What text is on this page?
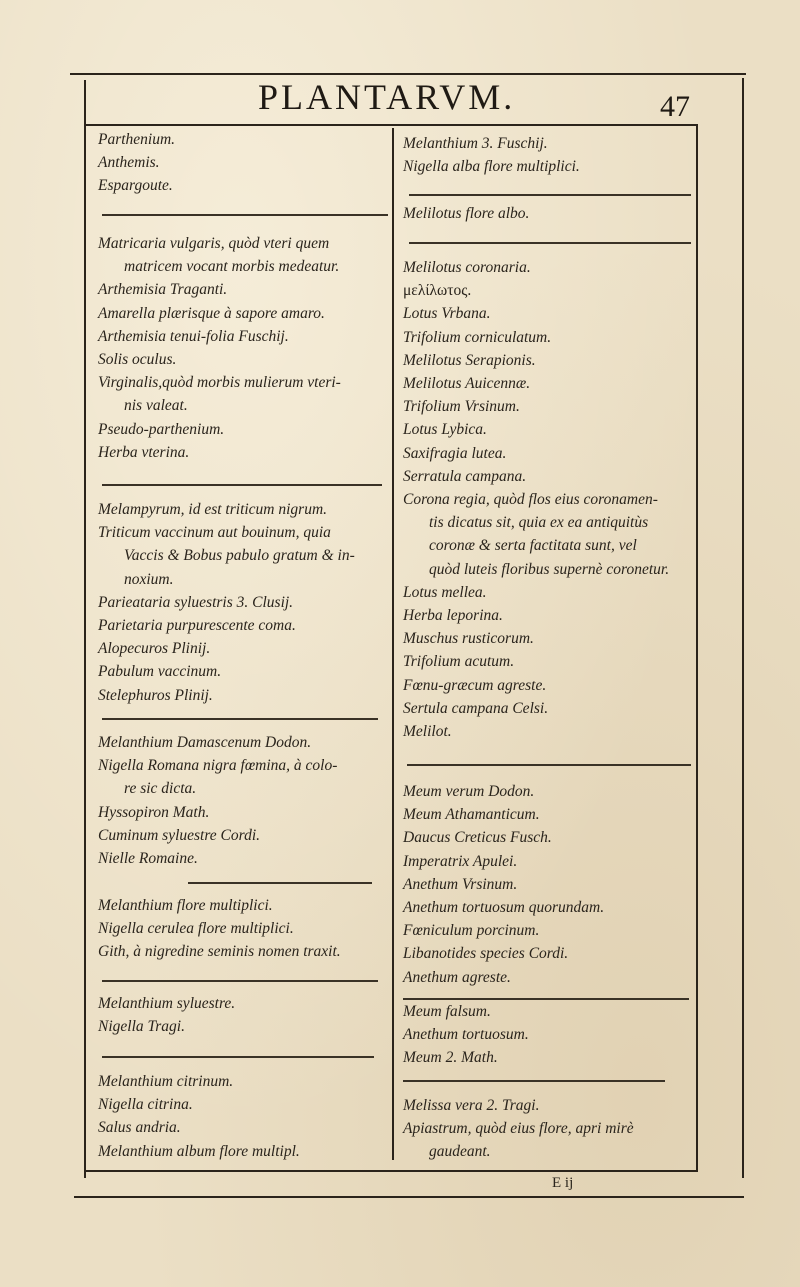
PLANTARVM.	47
Parthenium.
Anthemis.
Espargoute.
Matricaria vulgaris, quòd vteri quem
matricem vocant morbis medeatur.
Arthemisia Traganti.
Amarella plærisque à sapore amaro.
Arthemisia tenui-folia Fuschij.
Solis oculus.
Virginalis,quòd morbis mulierum vteri-
nis valeat.
Pseudo-parthenium.
Herba vterina.
Melampyrum, id est triticum nigrum.
Triticum vaccinum aut bouinum, quia
Vaccis & Bobus pabulo gratum & in-
noxium.
Parieataria syluestris 3. Clusij.
Parietaria purpurescente coma.
Alopecuros Plinij.
Pabulum vaccinum.
Stelephuros Plinij.
Melanthium Damascenum Dodon.
Nigella Romana nigra fœmina, à colo-
re sic dicta.
Hyssopiron Math.
Cuminum syluestre Cordi.
Nielle Romaine.
Melanthium flore multiplici.
Nigella cerulea flore multiplici.
Gith, à nigredine seminis nomen traxit.
Melanthium syluestre.
Nigella Tragi.
Melanthium citrinum.
Nigella citrina.
Salus andria.
Melanthium album flore multipl.
Melanthium 3. Fuschij.
Nigella alba flore multiplici.
Melilotus flore albo.
Melilotus coronaria.
μελίλωτος.
Lotus Vrbana.
Trifolium corniculatum.
Melilotus Serapionis.
Melilotus Auicennæ.
Trifolium Vrsinum.
Lotus Lybica.
Saxifragia lutea.
Serratula campana.
Corona regia, quòd flos eius coronamen-
tis dicatus sit, quia ex ea antiquitùs
coronæ & serta factitata sunt, vel
quòd luteis floribus supernè coronetur.
Lotus mellea.
Herba leporina.
Muschus rusticorum.
Trifolium acutum.
Fœnu-græcum agreste.
Sertula campana Celsi.
Melilot.
Meum verum Dodon.
Meum Athamanticum.
Daucus Creticus Fusch.
Imperatrix Apulei.
Anethum Vrsinum.
Anethum tortuosum quorundam.
Fœniculum porcinum.
Libanotides species Cordi.
Anethum agreste.
Meum falsum.
Anethum tortuosum.
Meum 2. Math.
Melissa vera 2. Tragi.
Apiastrum, quòd eius flore, apri mirè
gaudeant.
E ij
